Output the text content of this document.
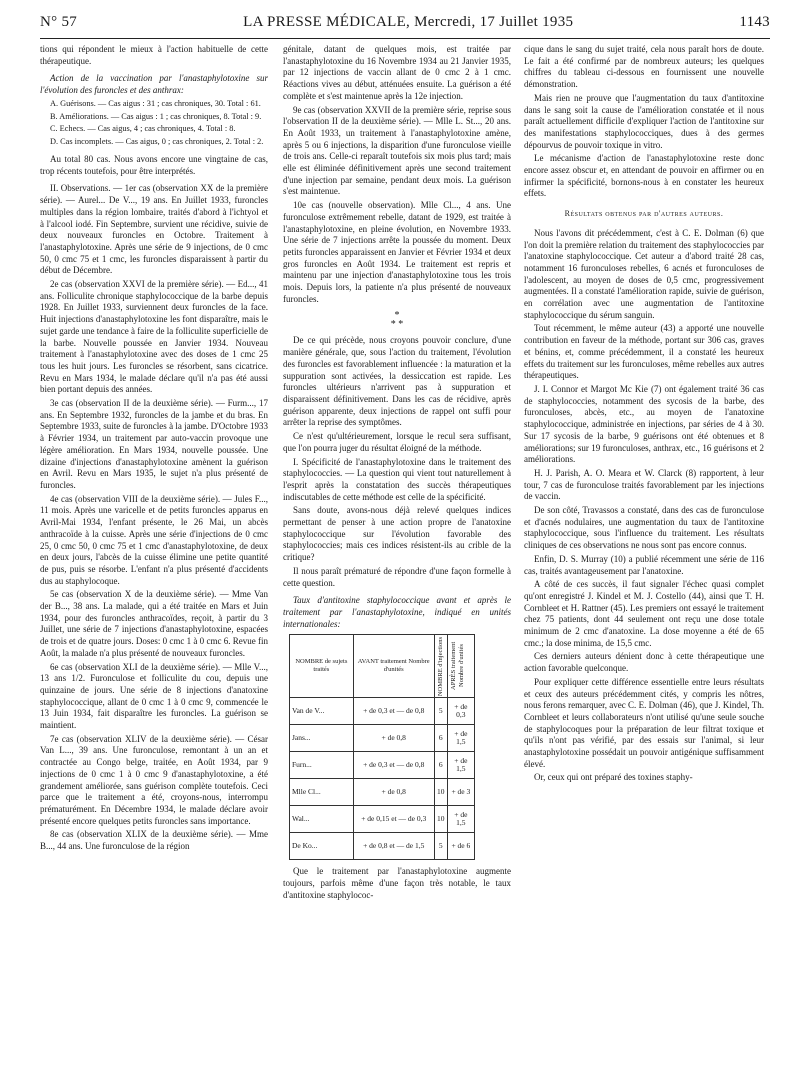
N° 57	LA PRESSE MÉDICALE, Mercredi, 17 Juillet 1935	1143

tions qui répondent le mieux à l'action habituelle de cette thérapeutique.

Action de la vaccination par l'anastaphylotoxine sur l'évolution des furoncles et des anthrax:

A. Guérisons. — Cas aigus : 31 ; cas chroniques, 30. Total : 61.

B. Améliorations. — Cas aigus : 1 ; cas chroniques, 8. Total : 9.

C. Echecs. — Cas aigus, 4 ; cas chroniques, 4. Total : 8.

D. Cas incomplets. — Cas aigus, 0 ; cas chroniques, 2. Total : 2.

Au total 80 cas. Nous avons encore une vingtaine de cas, trop récents toutefois, pour être interprétés.

II. Observations. — 1er cas (observation XX de la première série). — Aurel... De V..., 19 ans. En Juillet 1933, furoncles multiples dans la région lombaire, traités d'abord à l'ichtyol et à l'alcool iodé. Fin Septembre, survient une récidive, suivie de deux nouveaux furoncles en Octobre. Traitement à l'anastaphylotoxine. Après une série de 9 injections, de 0 cmc 50, 0 cmc 75 et 1 cmc, les furoncles disparaissent à partir du début de Décembre.

2e cas (observation XXVI de la première série). — Ed..., 41 ans. Folliculite chronique staphylococcique de la barbe depuis 1928. En Juillet 1933, surviennent deux furoncles de la face. Huit injections d'anastaphylotoxine les font disparaître, mais le sujet garde une tendance à faire de la folliculite superficielle de la barbe. Nouvelle poussée en Janvier 1934. Nouveau traitement à l'anastaphylotoxine avec des doses de 1 cmc 25 tous les huit jours. Les furoncles se résorbent, sans cicatrice. Revu en Mars 1934, le malade déclare qu'il n'a pas été aussi bien portant depuis des années.

3e cas (observation II de la deuxième série). — Furm..., 17 ans. En Septembre 1932, furoncles de la jambe et du bras. En Septembre 1933, suite de furoncles à la jambe. D'Octobre 1933 à Février 1934, un traitement par auto-vaccin provoque une légère amélioration. En Mars 1934, nouvelle poussée. Une dizaine d'injections d'anastaphylotoxine amènent la guérison en Avril. Revu en Mars 1935, le sujet n'a plus présenté de furoncles.

4e cas (observation VIII de la deuxième série). — Jules F..., 11 mois. Après une varicelle et de petits furoncles apparus en Avril-Mai 1934, l'enfant présente, le 26 Mai, un abcès anthracoïde à la cuisse. Après une série d'injections de 0 cmc 25, 0 cmc 50, 0 cmc 75 et 1 cmc d'anastaphylotoxine, de deux en deux jours, l'abcès de la cuisse élimine une petite quantité de pus, puis se résorbe. L'enfant n'a plus présenté d'accidents dus au staphylocoque.

5e cas (observation X de la deuxième série). — Mme Van der B..., 38 ans. La malade, qui a été traitée en Mars et Juin 1934, pour des furoncles anthracoïdes, reçoit, à partir du 3 Juillet, une série de 7 injections d'anastaphylotoxine, espacées de trois et de quatre jours. Doses: 0 cmc 1 à 0 cmc 6. Revue fin Août, la malade n'a plus présenté de nouveaux furoncles.

6e cas (observation XLI de la deuxième série). — Mlle V..., 13 ans 1/2. Furonculose et folliculite du cou, depuis une quinzaine de jours. Une série de 8 injections d'anatoxine staphylococcique, allant de 0 cmc 1 à 0 cmc 9, commencée le 13 Juin 1934, fait disparaître les furoncles. La guérison se maintient.

7e cas (observation XLIV de la deuxième série). — César Van L..., 39 ans. Une furonculose, remontant à un an et contractée au Congo belge, traitée, en Août 1934, par 9 injections de 0 cmc 1 à 0 cmc 9 d'anastaphylotoxine, a été grandement améliorée, sans guérison complète toutefois. Ceci parce que le traitement a été, croyons-nous, interrompu prématurément. En Décembre 1934, le malade déclare avoir présenté encore quelques petits furoncles sans importance.

8e cas (observation XLIX de la deuxième série). — Mme B..., 44 ans. Une furonculose de la région

génitale, datant de quelques mois, est traitée par l'anastaphylotoxine du 16 Novembre 1934 au 21 Janvier 1935, par 12 injections de vaccin allant de 0 cmc 2 à 1 cmc. Réactions vives au début, atténuées ensuite. La guérison a été complète et s'est maintenue après la 12e injection.

9e cas (observation XXVII de la première série, reprise sous l'observation II de la deuxième série). — Mlle L. St..., 20 ans. En Août 1933, un traitement à l'anastaphylotoxine amène, après 5 ou 6 injections, la disparition d'une furonculose vieille de trois ans. Celle-ci reparaît toutefois six mois plus tard; mais elle est éliminée définitivement après une second traitement d'une injection par semaine, pendant deux mois. La guérison s'est maintenue.

10e cas (nouvelle observation). Mlle Cl..., 4 ans. Une furonculose extrêmement rebelle, datant de 1929, est traitée à l'anastaphylotoxine, en pleine évolution, en Novembre 1933. Une série de 7 injections arrête la poussée du moment. Deux petits furoncles apparaissent en Janvier et Février 1934 et deux gros furoncles en Août 1934. Le traitement est repris et maintenu par une injection d'anastaphylotoxine tous les trois mois. Depuis lors, la patiente n'a plus présenté de nouveaux furoncles.

*
* *

De ce qui précède, nous croyons pouvoir conclure, d'une manière générale, que, sous l'action du traitement, l'évolution des furoncles est favorablement influencée : la maturation et la suppuration sont activées, la dessiccation est rapide. Les furoncles ultérieurs n'arrivent pas à suppuration et disparaissent définitivement. Dans les cas de récidive, après guérison apparente, deux injections de rappel ont suffi pour arrêter la reprise des symptômes.

Ce n'est qu'ultérieurement, lorsque le recul sera suffisant, que l'on pourra juger du résultat éloigné de la méthode.

I. Spécificité de l'anastaphylotoxine dans le traitement des staphylococcies. — La question qui vient tout naturellement à l'esprit après la constatation des succès thérapeutiques indiscutables de cette méthode est celle de la spécificité.

Sans doute, avons-nous déjà relevé quelques indices permettant de penser à une action propre de l'anatoxine staphylococcique sur l'évolution favorable des staphylococcies; mais ces indices résistent-ils au crible de la critique?

Il nous paraît prématuré de répondre d'une façon formelle à cette question.

Taux d'antitoxine staphylococcique avant et après le traitement par l'anastaphylotoxine, indiqué en unités internationales:

NOMBRE de sujets traités	AVANT traitement Nombre d'unités	NOMBRE d'injections	APRÈS traitement Nombre d'unités

Van de V...	+ de 0,3 et — de 0,8	5	+ de 0,3
Jans...	+ de 0,8	6	+ de 1,5
Furn...	+ de 0,3 et — de 0,8	6	+ de 1,5
Mlle Cl...	+ de 0,8	10	+ de 3
Wal...	+ de 0,15 et — de 0,3	10	+ de 1,5
De Ko...	+ de 0,8 et — de 1,5	5	+ de 6

Que le traitement par l'anastaphylotoxine augmente toujours, parfois même d'une façon très notable, le taux d'antitoxine staphylococ-

cique dans le sang du sujet traité, cela nous paraît hors de doute. Le fait a été confirmé par de nombreux auteurs; les quelques chiffres du tableau ci-dessous en fournissent une nouvelle démonstration.

Mais rien ne prouve que l'augmentation du taux d'antitoxine dans le sang soit la cause de l'amélioration constatée et il nous paraît actuellement difficile d'expliquer l'action de l'antitoxine sur des manifestations staphylococciques, dues à des germes dépourvus de pouvoir toxique in vitro.

Le mécanisme d'action de l'anastaphylotoxine reste donc encore assez obscur et, en attendant de pouvoir en affirmer ou en infirmer la spécificité, bornons-nous à en constater les heureux effets.

Résultats obtenus par d'autres auteurs.

Nous l'avons dit précédemment, c'est à C. E. Dolman (6) que l'on doit la première relation du traitement des staphylococcies par l'anatoxine staphylococcique. Cet auteur a d'abord traité 28 cas, notamment 16 furonculoses rebelles, 6 acnés et furonculoses de l'adolescent, au moyen de doses de 0,5 cmc, progressivement augmentées. Il a constaté l'amélioration rapide, suivie de guérison, en corrélation avec une augmentation de l'antitoxine staphylococcique du sérum sanguin.

Tout récemment, le même auteur (43) a apporté une nouvelle contribution en faveur de la méthode, portant sur 306 cas, graves et bénins, et, comme précédemment, il a constaté les heureux effets du traitement sur les furonculoses, même rebelles aux autres thérapeutiques.

J. I. Connor et Margot Mc Kie (7) ont également traité 36 cas de staphylococcies, notamment des sycosis de la barbe, des furonculoses, abcès, etc., au moyen de l'anatoxine staphylococcique, administrée en injections, par séries de 4 à 30. Sur 17 sycosis de la barbe, 9 guérisons ont été obtenues et 8 améliorations; sur 19 furonculoses, anthrax, etc., 16 guérisons et 2 améliorations.

H. J. Parish, A. O. Meara et W. Clarck (8) rapportent, à leur tour, 7 cas de furonculose traités favorablement par les injections de vaccin.

De son côté, Travassos a constaté, dans des cas de furonculose et d'acnés nodulaires, une augmentation du taux de l'antitoxine staphylococcique, sous l'influence du traitement. Les résultats cliniques de ces observations ne nous sont pas encore connus.

Enfin, D. S. Murray (10) a publié récemment une série de 116 cas, traités avantageusement par l'anatoxine.

A côté de ces succès, il faut signaler l'échec quasi complet qu'ont enregistré J. Kindel et M. J. Costello (44), ainsi que T. H. Cornbleet et H. Rattner (45). Les premiers ont essayé le traitement chez 75 patients, dont 44 seulement ont reçu une dose totale minimum de 2 cmc d'anatoxine. La dose moyenne a été de 65 cmc.; la dose minima, de 15,5 cmc.

Ces derniers auteurs dénient donc à cette thérapeutique une action favorable quelconque.

Pour expliquer cette différence essentielle entre leurs résultats et ceux des auteurs précédemment cités, y compris les nôtres, nous ferons remarquer, avec C. E. Dolman (46), que J. Kindel, Th. Cornbleet et leurs collaborateurs n'ont utilisé qu'une seule souche de staphylocoques pour la préparation de leur filtrat toxique et qu'ils n'ont pas vérifié, par des essais sur l'animal, si leur anastaphylotoxine possédait un pouvoir antigénique suffisamment élevé.

Or, ceux qui ont préparé des toxines staphy-
